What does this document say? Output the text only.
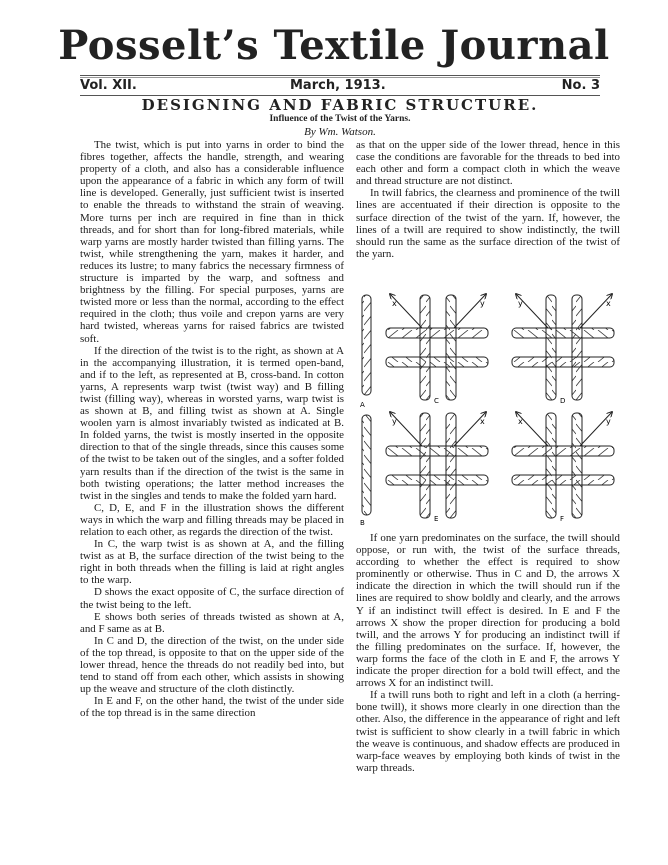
Posselt’s Textile Journal
Vol. XII.	March, 1913.	No. 3
DESIGNING AND FABRIC STRUCTURE.
Influence of the Twist of the Yarns.
By Wm. Watson.

The twist, which is put into yarns in order to bind the fibres together, affects the handle, strength, and wearing property of a cloth, and also has a considerable influence upon the appearance of a fabric in which any form of twill line is developed. Generally, just sufficient twist is inserted to enable the threads to withstand the strain of weaving. More turns per inch are required in fine than in thick threads, and for short than for long-fibred materials, while warp yarns are mostly harder twisted than filling yarns. The twist, while strengthening the yarn, makes it harder, and reduces its lustre; to many fabrics the necessary firmness of structure is imparted by the warp, and softness and brightness by the filling. For special purposes, yarns are twisted more or less than the normal, according to the effect required in the cloth; thus voile and crepon yarns are very hard twisted, whereas yarns for raised fabrics are twisted soft.

If the direction of the twist is to the right, as shown at A in the accompanying illustration, it is termed open-band, and if to the left, as represented at B, cross-band. In cotton yarns, A represents warp twist (twist way) and B filling twist (filling way), whereas in worsted yarns, warp twist is as shown at B, and filling twist as shown at A. Single woolen yarn is almost invariably twisted as indicated at B. In folded yarns, the twist is mostly inserted in the opposite direction to that of the single threads, since this causes some of the twist to be taken out of the singles, and a softer folded yarn results than if the direction of the twist is the same in both twisting operations; the latter method increases the twist in the singles and tends to make the folded yarn hard.

C, D, E, and F in the illustration shows the different ways in which the warp and filling threads may be placed in relation to each other, as regards the direction of the twist.

In C, the warp twist is as shown at A, and the filling twist as at B, the surface direction of the twist being to the right in both threads when the filling is laid at right angles to the warp.

D shows the exact opposite of C, the surface direction of the twist being to the left.

E shows both series of threads twisted as shown at A, and F same as at B.

In C and D, the direction of the twist, on the under side of the top thread, is opposite to that on the upper side of the lower thread, hence the threads do not readily bed into, but tend to stand off from each other, which assists in showing up the weave and structure of the cloth distinctly.

In E and F, on the other hand, the twist of the under side of the top thread is in the same direction

as that on the upper side of the lower thread, hence in this case the conditions are favorable for the threads to bed into each other and form a compact cloth in which the weave and thread structure are not distinct.

In twill fabrics, the clearness and prominence of the twill lines are accentuated if their direction is opposite to the surface direction of the twist of the yarn. If, however, the lines of a twill are required to show indistinctly, the twill should run the same as the surface direction of the twist of the yarn.

A
B
x	y
C
y	x
D
y	x
E
x	y
F

If one yarn predominates on the surface, the twill should oppose, or run with, the twist of the surface threads, according to whether the effect is required to show prominently or otherwise. Thus in C and D, the arrows X indicate the direction in which the twill should run if the lines are required to show boldly and clearly, and the arrows Y if an indistinct twill effect is desired. In E and F the arrows X show the proper direction for producing a bold twill, and the arrows Y for producing an indistinct twill if the filling predominates on the surface. If, however, the warp forms the face of the cloth in E and F, the arrows Y indicate the proper direction for a bold twill effect, and the arrows X for an indistinct twill.

If a twill runs both to right and left in a cloth (a herring-bone twill), it shows more clearly in one direction than the other. Also, the difference in the appearance of right and left twist is sufficient to show clearly in a twill fabric in which the weave is continuous, and shadow effects are produced in warp-face weaves by employing both kinds of twist in the warp threads.
